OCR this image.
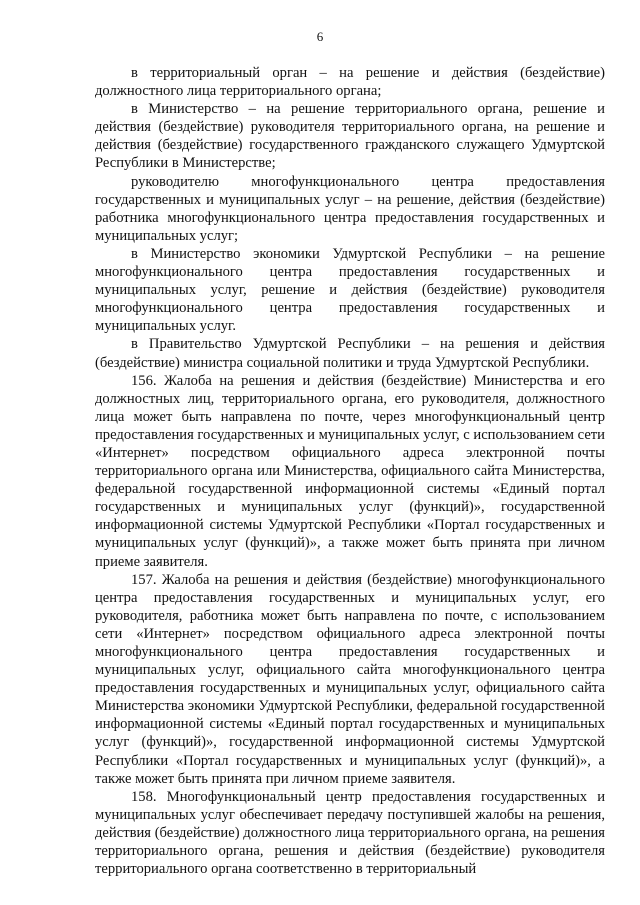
6

в территориальный орган – на решение и действия (бездействие) должностного лица территориального органа;

в Министерство – на решение территориального органа, решение и действия (бездействие) руководителя территориального органа, на решение и действия (бездействие) государственного гражданского служащего Удмуртской Республики в Министерстве;

руководителю многофункционального центра предоставления государственных и муниципальных услуг – на решение, действия (бездействие) работника многофункционального центра предоставления государственных и муниципальных услуг;

в Министерство экономики Удмуртской Республики – на решение многофункционального центра предоставления государственных и муниципальных услуг, решение и действия (бездействие) руководителя многофункционального центра предоставления государственных и муниципальных услуг.

в Правительство Удмуртской Республики – на решения и действия (бездействие) министра социальной политики и труда Удмуртской Республики.

156. Жалоба на решения и действия (бездействие) Министерства и его должностных лиц, территориального органа, его руководителя, должностного лица может быть направлена по почте, через многофункциональный центр предоставления государственных и муниципальных услуг, с использованием сети «Интернет» посредством официального адреса электронной почты территориального органа или Министерства, официального сайта Министерства, федеральной государственной информационной системы «Единый портал государственных и муниципальных услуг (функций)», государственной информационной системы Удмуртской Республики «Портал государственных и муниципальных услуг (функций)», а также может быть принята при личном приеме заявителя.

157. Жалоба на решения и действия (бездействие) многофункционального центра предоставления государственных и муниципальных услуг, его руководителя, работника может быть направлена по почте, с использованием сети «Интернет» посредством официального адреса электронной почты многофункционального центра предоставления государственных и муниципальных услуг, официального сайта многофункционального центра предоставления государственных и муниципальных услуг, официального сайта Министерства экономики Удмуртской Республики, федеральной государственной информационной системы «Единый портал государственных и муниципальных услуг (функций)», государственной информационной системы Удмуртской Республики «Портал государственных и муниципальных услуг (функций)», а также может быть принята при личном приеме заявителя.

158. Многофункциональный центр предоставления государственных и муниципальных услуг обеспечивает передачу поступившей жалобы на решения, действия (бездействие) должностного лица территориального органа, на решения территориального органа, решения и действия (бездействие) руководителя территориального органа соответственно в территориальный
